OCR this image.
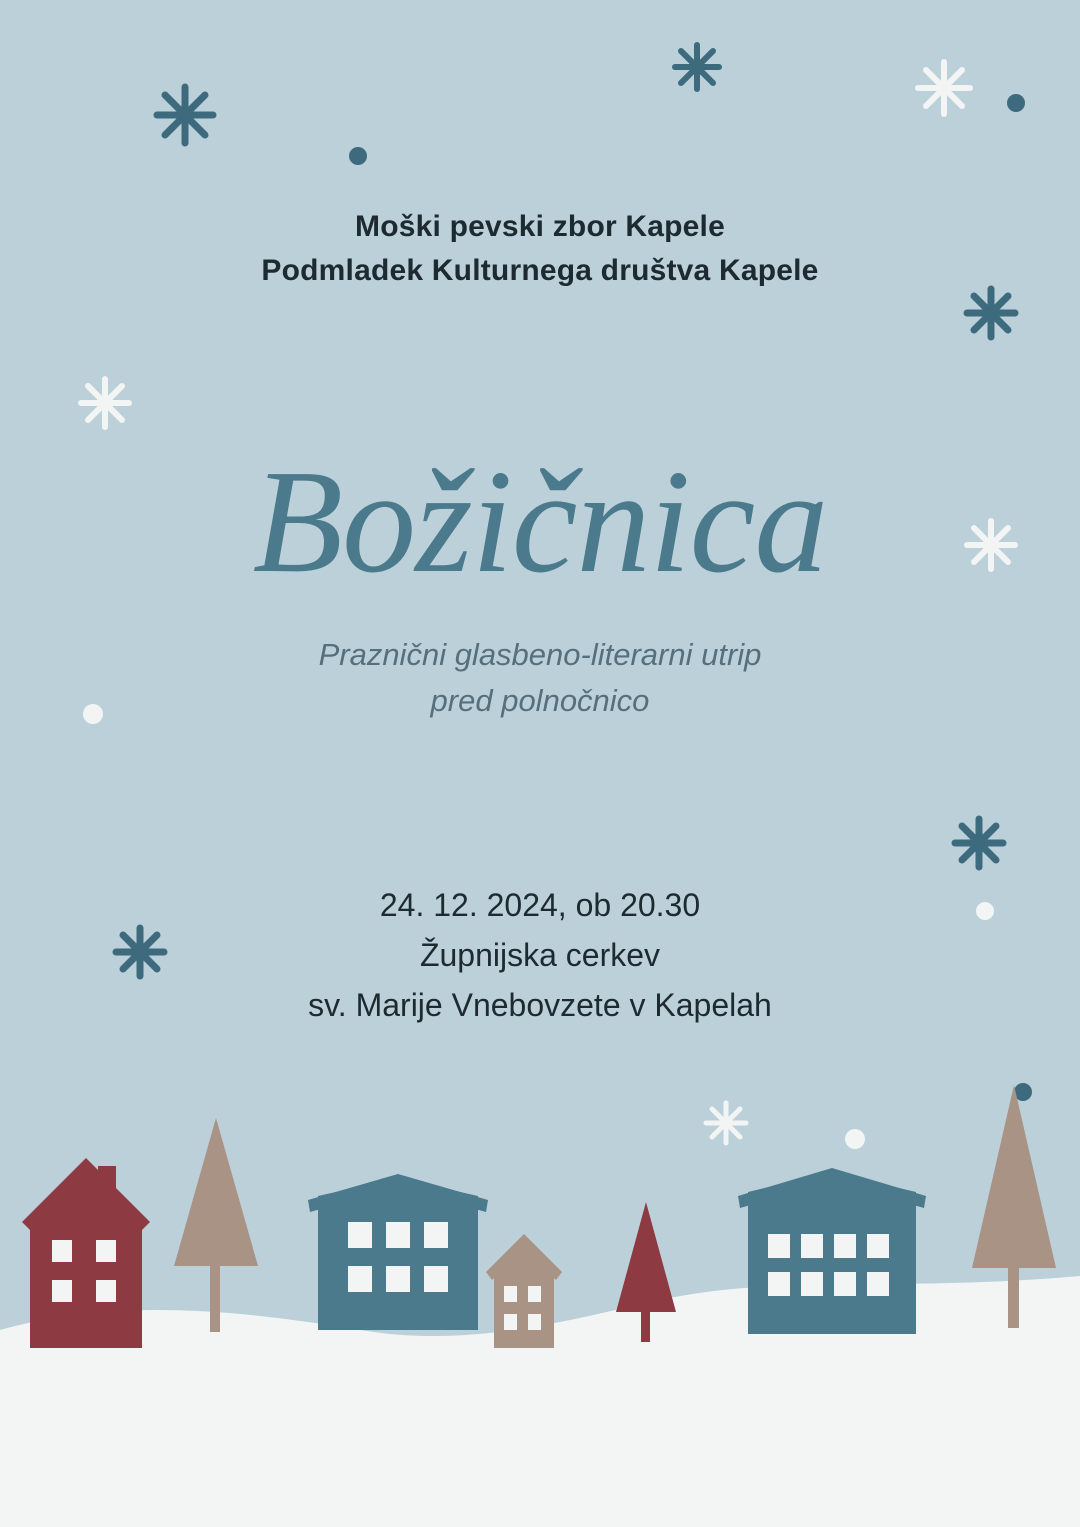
Moški pevski zbor Kapele
Podmladek Kulturnega društva Kapele
Božičnica
Praznični glasbeno-literarni utrip
pred polnočnico
24. 12. 2024, ob 20.30
Župnijska cerkev
sv. Marije Vnebovzete v Kapelah
